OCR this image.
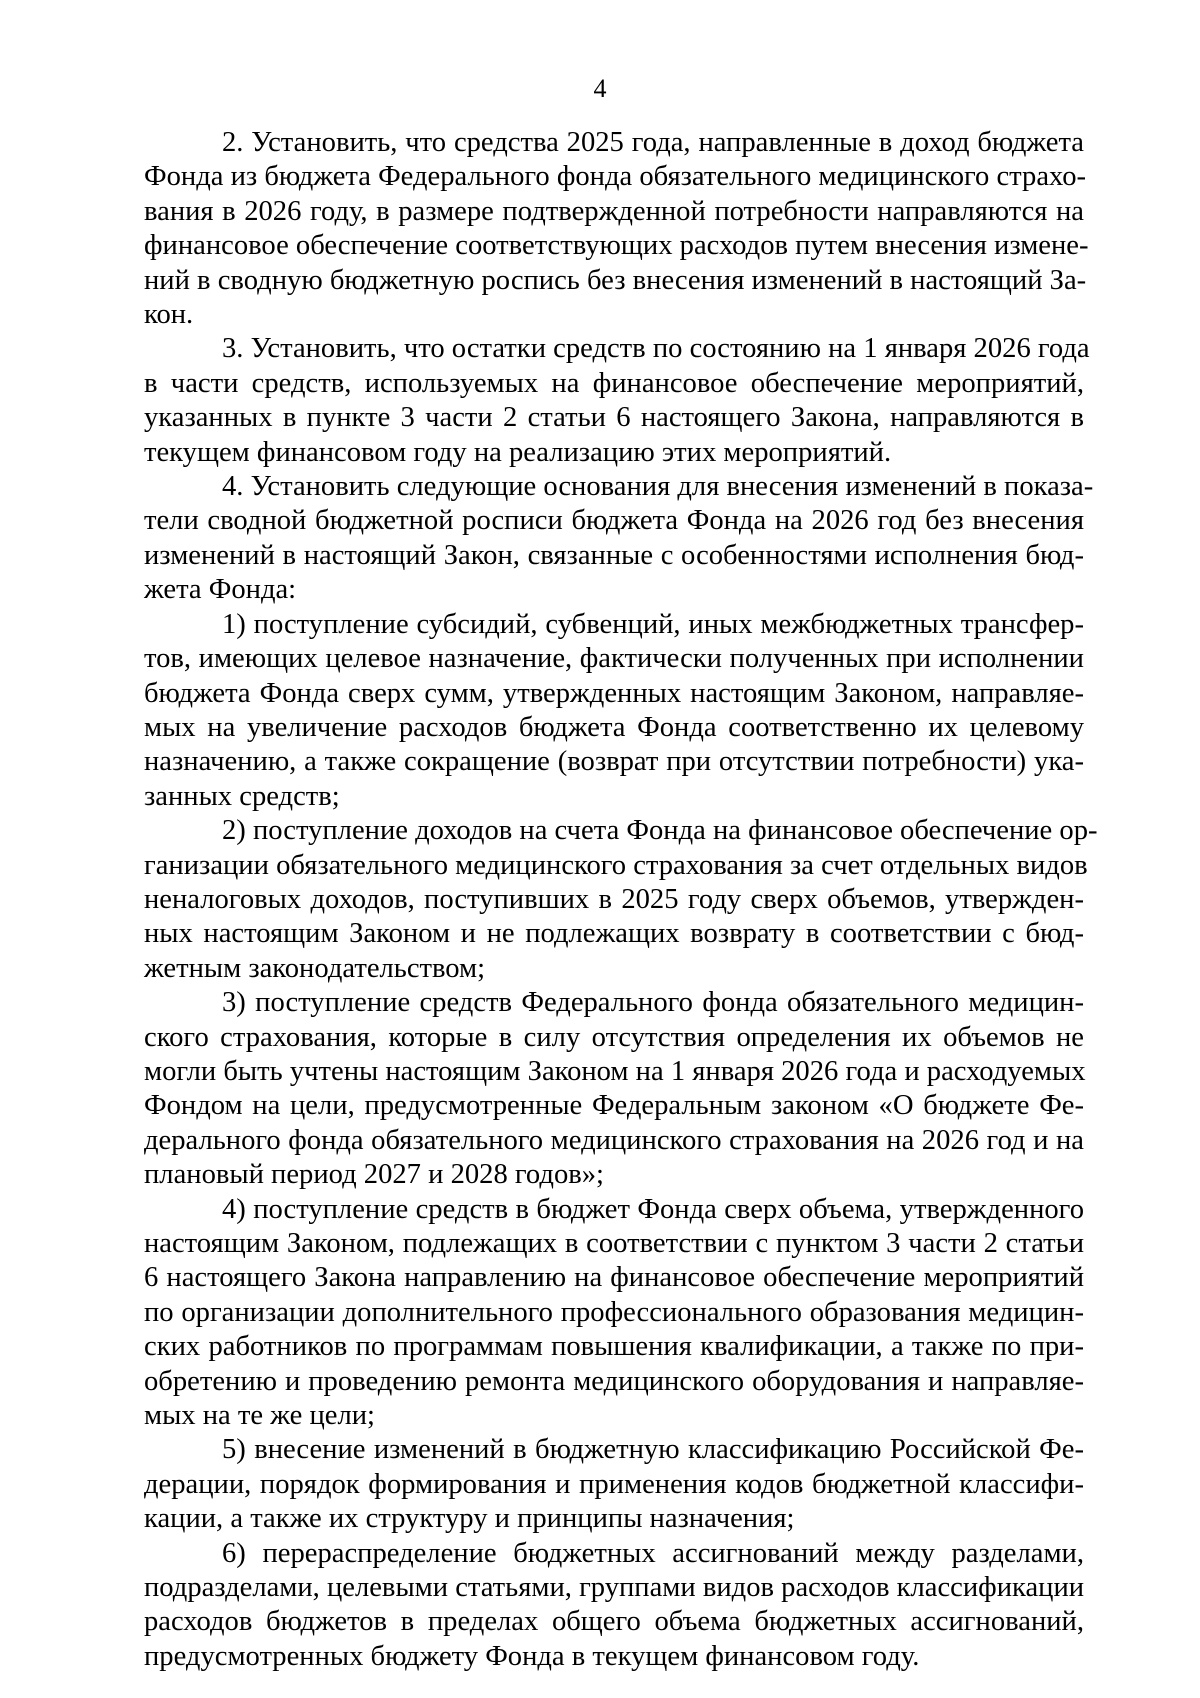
4
2. Установить, что средства 2025 года, направленные в доход бюджета
Фонда из бюджета Федерального фонда обязательного медицинского страхо-
вания в 2026 году, в размере подтвержденной потребности направляются на
финансовое обеспечение соответствующих расходов путем внесения измене-
ний в сводную бюджетную роспись без внесения изменений в настоящий За-
кон.
3. Установить, что остатки средств по состоянию на 1 января 2026 года
в части средств, используемых на финансовое обеспечение мероприятий,
указанных в пункте 3 части 2 статьи 6 настоящего Закона, направляются в
текущем финансовом году на реализацию этих мероприятий.
4. Установить следующие основания для внесения изменений в показа-
тели сводной бюджетной росписи бюджета Фонда на 2026 год без внесения
изменений в настоящий Закон, связанные с особенностями исполнения бюд-
жета Фонда:
1) поступление субсидий, субвенций, иных межбюджетных трансфер-
тов, имеющих целевое назначение, фактически полученных при исполнении
бюджета Фонда сверх сумм, утвержденных настоящим Законом, направляе-
мых на увеличение расходов бюджета Фонда соответственно их целевому
назначению, а также сокращение (возврат при отсутствии потребности) ука-
занных средств;
2) поступление доходов на счета Фонда на финансовое обеспечение ор-
ганизации обязательного медицинского страхования за счет отдельных видов
неналоговых доходов, поступивших в 2025 году сверх объемов, утвержден-
ных настоящим Законом и не подлежащих возврату в соответствии с бюд-
жетным законодательством;
3) поступление средств Федерального фонда обязательного медицин-
ского страхования, которые в силу отсутствия определения их объемов не
могли быть учтены настоящим Законом на 1 января 2026 года и расходуемых
Фондом на цели, предусмотренные Федеральным законом «О бюджете Фе-
дерального фонда обязательного медицинского страхования на 2026 год и на
плановый период 2027 и 2028 годов»;
4) поступление средств в бюджет Фонда сверх объема, утвержденного
настоящим Законом, подлежащих в соответствии с пунктом 3 части 2 статьи
6 настоящего Закона направлению на финансовое обеспечение мероприятий
по организации дополнительного профессионального образования медицин-
ских работников по программам повышения квалификации, а также по при-
обретению и проведению ремонта медицинского оборудования и направляе-
мых на те же цели;
5) внесение изменений в бюджетную классификацию Российской Фе-
дерации, порядок формирования и применения кодов бюджетной классифи-
кации, а также их структуру и принципы назначения;
6) перераспределение бюджетных ассигнований между разделами,
подразделами, целевыми статьями, группами видов расходов классификации
расходов бюджетов в пределах общего объема бюджетных ассигнований,
предусмотренных бюджету Фонда в текущем финансовом году.
